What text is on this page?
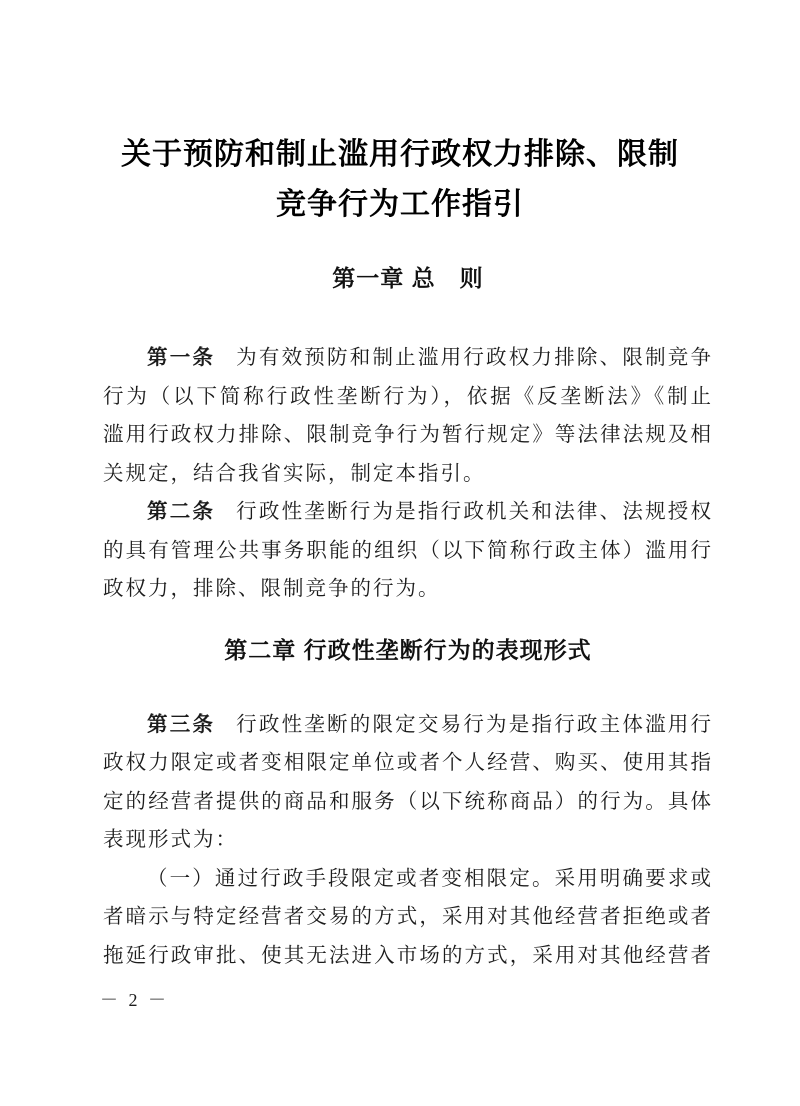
关于预防和制止滥用行政权力排除、限制
竞争行为工作指引
第一章 总　则
第一条 为有效预防和制止滥用行政权力排除、限制竞争
行为（以下简称行政性垄断行为），依据《反垄断法》《制止
滥用行政权力排除、限制竞争行为暂行规定》等法律法规及相
关规定，结合我省实际，制定本指引。
第二条 行政性垄断行为是指行政机关和法律、法规授权
的具有管理公共事务职能的组织（以下简称行政主体）滥用行
政权力，排除、限制竞争的行为。
第二章 行政性垄断行为的表现形式
第三条 行政性垄断的限定交易行为是指行政主体滥用行
政权力限定或者变相限定单位或者个人经营、购买、使用其指
定的经营者提供的商品和服务（以下统称商品）的行为。具体
表现形式为：
（一）通过行政手段限定或者变相限定。采用明确要求或
者暗示与特定经营者交易的方式，采用对其他经营者拒绝或者
拖延行政审批、使其无法进入市场的方式，采用对其他经营者
－ 2 －
